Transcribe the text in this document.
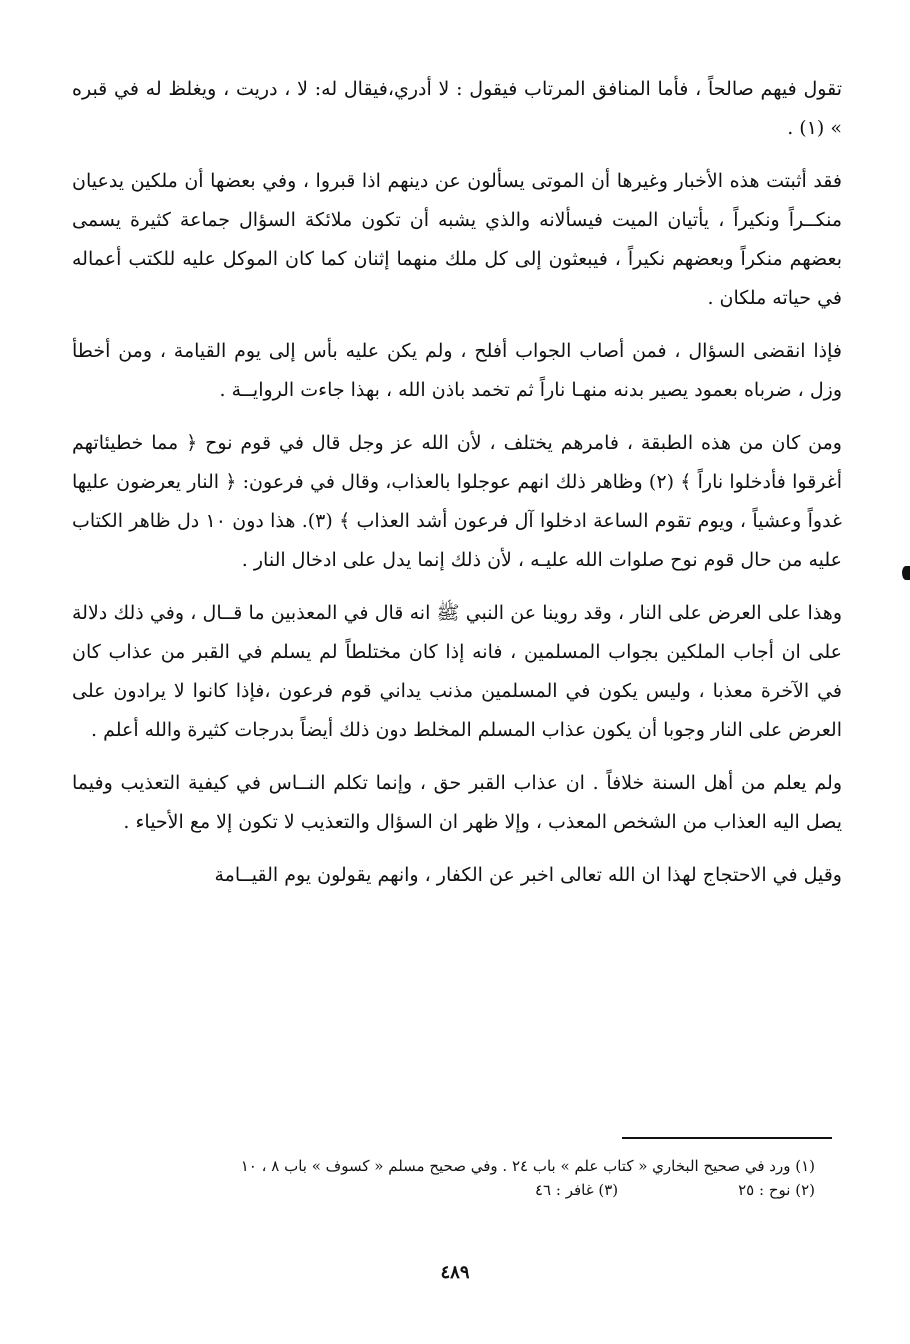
تقول فيهم صالحاً ، فأما المنافق المرتاب فيقول : لا أدري،فيقال له: لا ، دريت ، ويغلظ له في قبره » (١) .

فقد أثبتت هذه الأخبار وغيرها أن الموتى يسألون عن دينهم اذا قبروا ، وفي بعضها أن ملكين يدعيان منكــراً ونكيراً ، يأتيان الميت فيسألانه والذي يشبه أن تكون ملائكة السؤال جماعة كثيرة يسمى بعضهم منكراً وبعضهم نكيراً ، فيبعثون إلى كل ملك منهما إثنان كما كان الموكل عليه للكتب أعماله في حياته ملكان .

فإذا انقضى السؤال ، فمن أصاب الجواب أفلح ، ولم يكن عليه بأس إلى يوم القيامة ، ومن أخطأ وزل ، ضرباه بعمود يصير بدنه منهـا ناراً ثم تخمد باذن الله ، بهذا جاءت الروايــة .

ومن كان من هذه الطبقة ، فامرهم يختلف ، لأن الله عز وجل قال في قوم نوح ﴿ مما خطيئاتهم أغرقوا فأدخلوا ناراً ﴾ (٢) وظاهر ذلك انهم عوجلوا بالعذاب، وقال في فرعون: ﴿ النار يعرضون عليها غدواً وعشياً ، ويوم تقوم الساعة ادخلوا آل فرعون أشد العذاب ﴾ (٣). هذا دون ١٠ دل ظاهر الكتاب عليه من حال قوم نوح صلوات الله عليـه ، لأن ذلك إنما يدل على ادخال النار .

وهذا على العرض على النار ، وقد روينا عن النبي ﷺ انه قال في المعذبين ما قــال ، وفي ذلك دلالة على ان أجاب الملكين بجواب المسلمين ، فانه إذا كان مختلطاً لم يسلم في القبر من عذاب كان في الآخرة معذبا ، وليس يكون في المسلمين مذنب يداني قوم فرعون ،فإذا كانوا لا يرادون على العرض على النار وجوبا أن يكون عذاب المسلم المخلط دون ذلك أيضاً بدرجات كثيرة والله أعلم .

ولم يعلم من أهل السنة خلافاً . ان عذاب القبر حق ، وإنما تكلم النــاس في كيفية التعذيب وفيما يصل اليه العذاب من الشخص المعذب ، وإلا ظهر ان السؤال والتعذيب لا تكون إلا مع الأحياء .

وقيل في الاحتجاج لهذا ان الله تعالى اخبر عن الكفار ، وانهم يقولون يوم القيــامة

(١) ورد في صحيح البخاري « كتاب علم » باب ٢٤ . وفي صحيح مسلم « كسوف » باب ٨ ، ١٠

(٢) نوح : ٢٥

(٣) غافر : ٤٦

٤٨٩
